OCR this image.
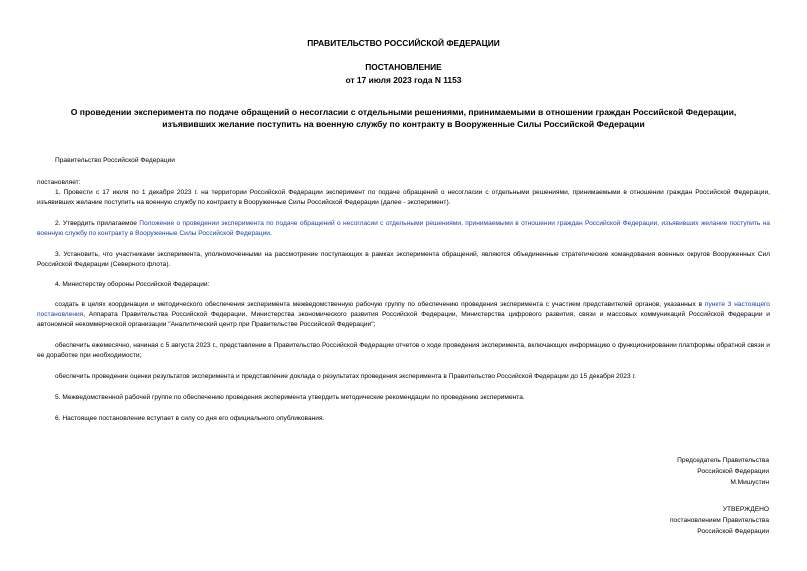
ПРАВИТЕЛЬСТВО РОССИЙСКОЙ ФЕДЕРАЦИИ
ПОСТАНОВЛЕНИЕ
от 17 июля 2023 года N 1153
О проведении эксперимента по подаче обращений о несогласии с отдельными решениями, принимаемыми в отношении граждан Российской Федерации,
изъявивших желание поступить на военную службу по контракту в Вооруженные Силы Российской Федерации
Правительство Российской Федерации
постановляет:
1. Провести с 17 июля по 1 декабря 2023 г. на территории Российской Федерации эксперимент по подаче обращений о несогласии с отдельными решениями, принимаемыми в отношении граждан Российской Федерации, изъявивших желание поступить на военную службу по контракту в Вооруженные Силы Российской Федерации (далее - эксперимент).
2. Утвердить прилагаемое Положение о проведении эксперимента по подаче обращений о несогласии с отдельными решениями, принимаемыми в отношении граждан Российской Федерации, изъявивших желание поступить на военную службу по контракту в Вооруженные Силы Российской Федерации.
3. Установить, что участниками эксперимента, уполномоченными на рассмотрение поступающих в рамках эксперимента обращений, являются объединенные стратегические командования военных округов Вооруженных Сил Российской Федерации (Северного флота).
4. Министерству обороны Российской Федерации:
создать в целях координации и методического обеспечения эксперимента межведомственную рабочую группу по обеспечению проведения эксперимента с участием представителей органов, указанных в пункте 3 настоящего постановления, Аппарата Правительства Российской Федерации, Министерства экономического развития Российской Федерации, Министерства цифрового развития, связи и массовых коммуникаций Российской Федерации и автономной некоммерческой организации "Аналитический центр при Правительстве Российской Федерации";
обеспечить ежемесячно, начиная с 5 августа 2023 г., представление в Правительство Российской Федерации отчетов о ходе проведения эксперимента, включающих информацию о функционировании платформы обратной связи и ее доработке при необходимости;
обеспечить проведение оценки результатов эксперимента и представление доклада о результатах проведения эксперимента в Правительство Российской Федерации до 15 декабря 2023 г.
5. Межведомственной рабочей группе по обеспечению проведения эксперимента утвердить методические рекомендации по проведению эксперимента.
6. Настоящее постановление вступает в силу со дня его официального опубликования.
Председатель Правительства
Российской Федерации
М.Мишустин
УТВЕРЖДЕНО
постановлением Правительства
Российской Федерации
